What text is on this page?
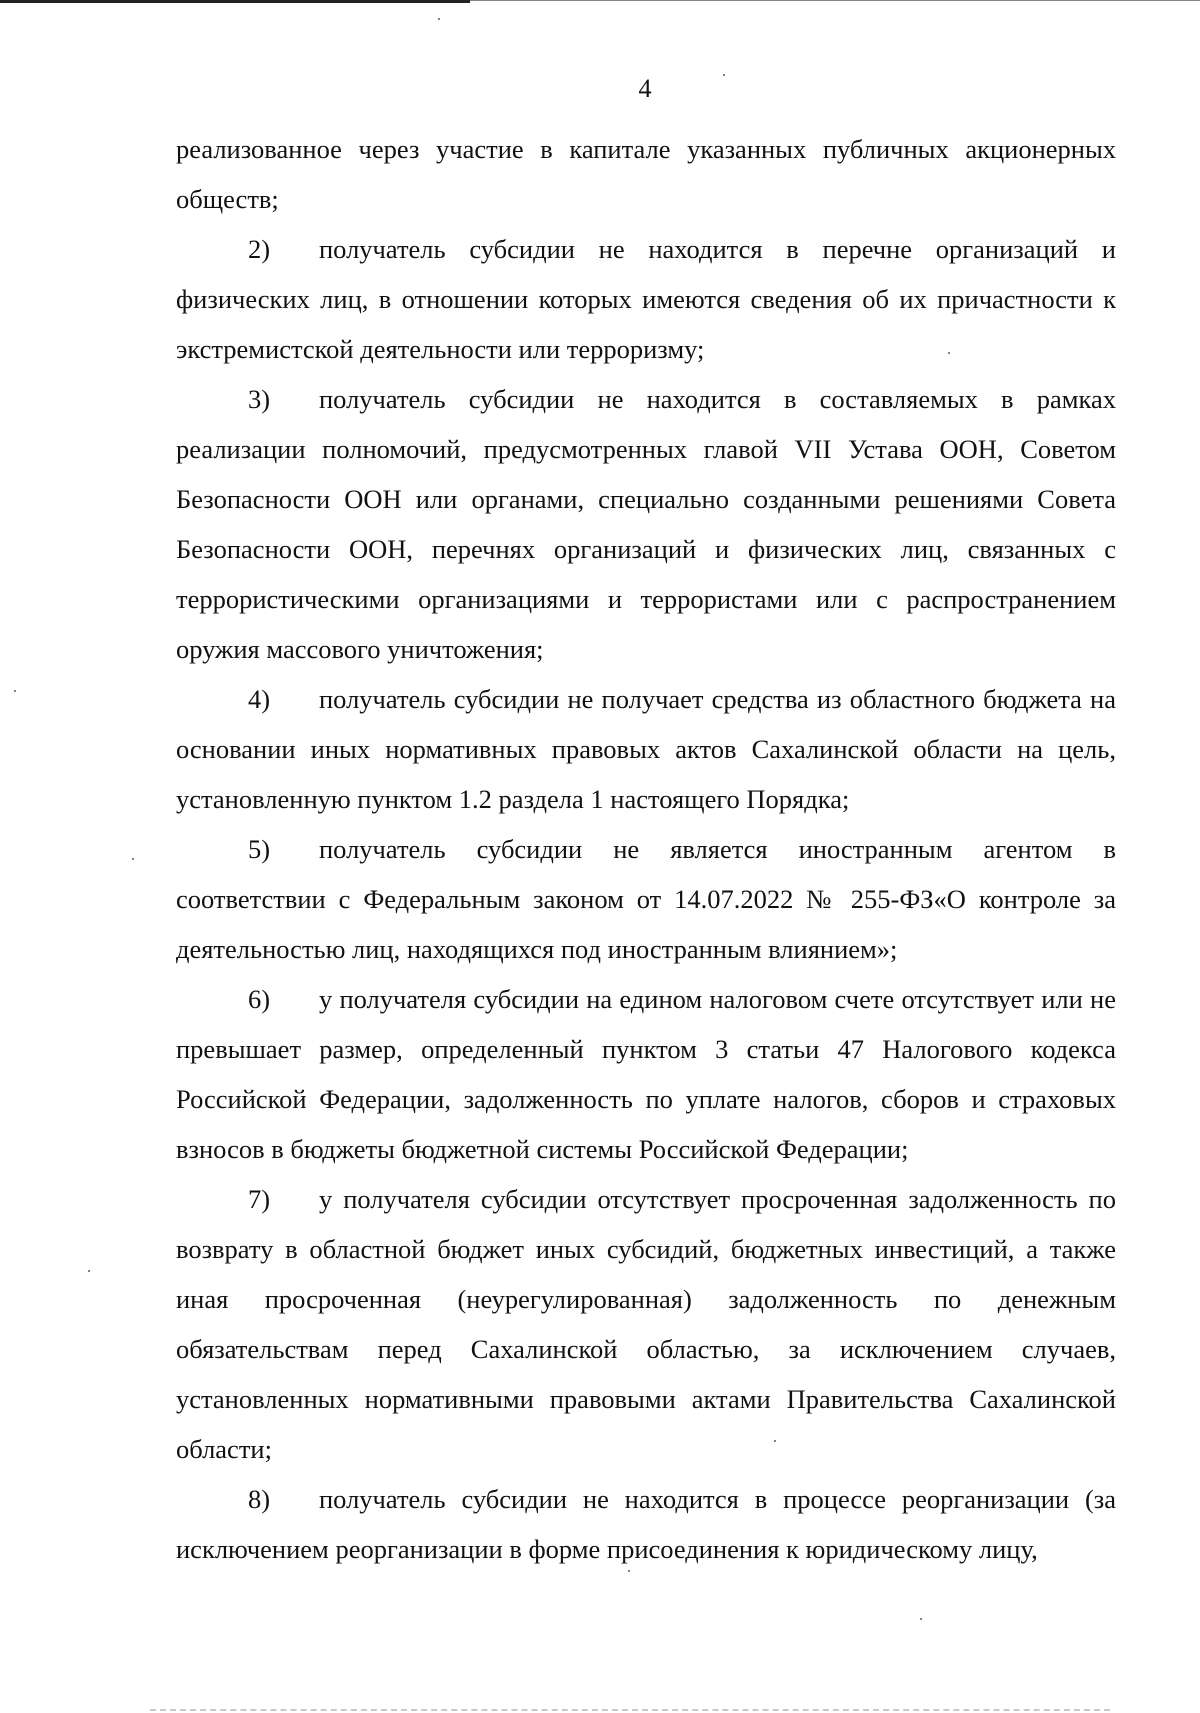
4

реализованное через участие в капитале указанных публичных акционерных обществ;

2) получатель субсидии не находится в перечне организаций и физических лиц, в отношении которых имеются сведения об их причастности к экстремистской деятельности или терроризму;

3) получатель субсидии не находится в составляемых в рамках реализации полномочий, предусмотренных главой VII Устава ООН, Советом Безопасности ООН или органами, специально созданными решениями Совета Безопасности ООН, перечнях организаций и физических лиц, связанных с террористическими организациями и террористами или с распространением оружия массового уничтожения;

4) получатель субсидии не получает средства из областного бюджета на основании иных нормативных правовых актов Сахалинской области на цель, установленную пунктом 1.2 раздела 1 настоящего Порядка;

5) получатель субсидии не является иностранным агентом в соответствии с Федеральным законом от 14.07.2022 № 255-ФЗ«О контроле за деятельностью лиц, находящихся под иностранным влиянием»;

6) у получателя субсидии на едином налоговом счете отсутствует или не превышает размер, определенный пунктом 3 статьи 47 Налогового кодекса Российской Федерации, задолженность по уплате налогов, сборов и страховых взносов в бюджеты бюджетной системы Российской Федерации;

7) у получателя субсидии отсутствует просроченная задолженность по возврату в областной бюджет иных субсидий, бюджетных инвестиций, а также иная просроченная (неурегулированная) задолженность по денежным обязательствам перед Сахалинской областью, за исключением случаев, установленных нормативными правовыми актами Правительства Сахалинской области;

8) получатель субсидии не находится в процессе реорганизации (за исключением реорганизации в форме присоединения к юридическому лицу,
